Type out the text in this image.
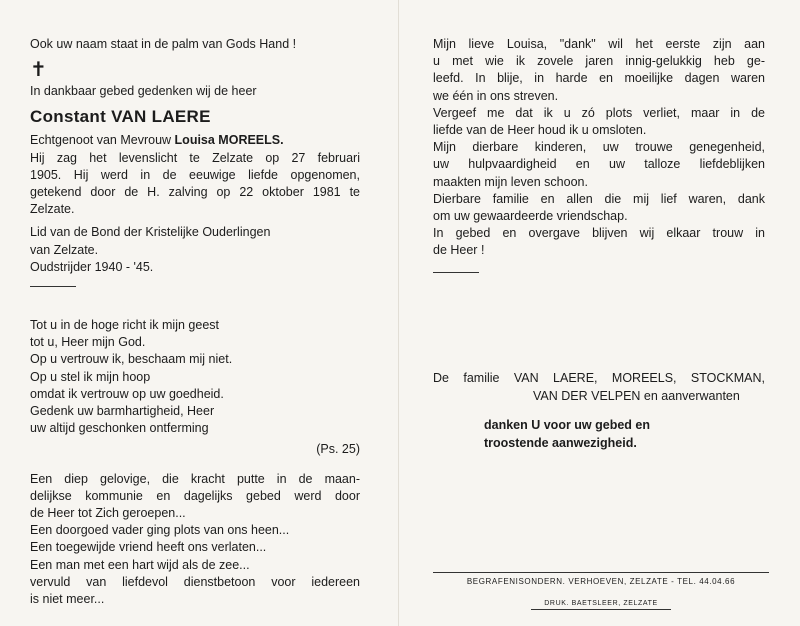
Ook uw naam staat in de palm van Gods Hand !
✝
In dankbaar gebed gedenken wij de heer
Constant VAN LAERE
Echtgenoot van Mevrouw Louisa MOREELS.
Hij zag het levenslicht te Zelzate op 27 februari
1905. Hij werd in de eeuwige liefde opgenomen,
getekend door de H. zalving op 22 oktober 1981 te
Zelzate.
Lid van de Bond der Kristelijke Ouderlingen
van Zelzate.
Oudstrijder 1940 - '45.
Tot u in de hoge richt ik mijn geest
tot u, Heer mijn God.
Op u vertrouw ik, beschaam mij niet.
Op u stel ik mijn hoop
omdat ik vertrouw op uw goedheid.
Gedenk uw barmhartigheid, Heer
uw altijd geschonken ontferming
(Ps. 25)
Een diep gelovige, die kracht putte in de maan-
delijkse kommunie en dagelijks gebed werd door
de Heer tot Zich geroepen...
Een doorgoed vader ging plots van ons heen...
Een toegewijde vriend heeft ons verlaten...
Een man met een hart wijd als de zee...
vervuld van liefdevol dienstbetoon voor iedereen
is niet meer...
Mijn lieve Louisa, "dank" wil het eerste zijn aan
u met wie ik zovele jaren innig-gelukkig heb ge-
leefd. In blije, in harde en moeilijke dagen waren
we één in ons streven.
Vergeef me dat ik u zó plots verliet, maar in de
liefde van de Heer houd ik u omsloten.
Mijn dierbare kinderen, uw trouwe genegenheid,
uw hulpvaardigheid en uw talloze liefdeblijken
maakten mijn leven schoon.
Dierbare familie en allen die mij lief waren, dank
om uw gewaardeerde vriendschap.
In gebed en overgave blijven wij elkaar trouw in
de Heer !
De familie VAN LAERE, MOREELS, STOCKMAN,
VAN DER VELPEN en aanverwanten
danken U voor uw gebed en
troostende aanwezigheid.
BEGRAFENISONDERN. VERHOEVEN, ZELZATE - TEL. 44.04.66
DRUK. BAETSLEER, ZELZATE
